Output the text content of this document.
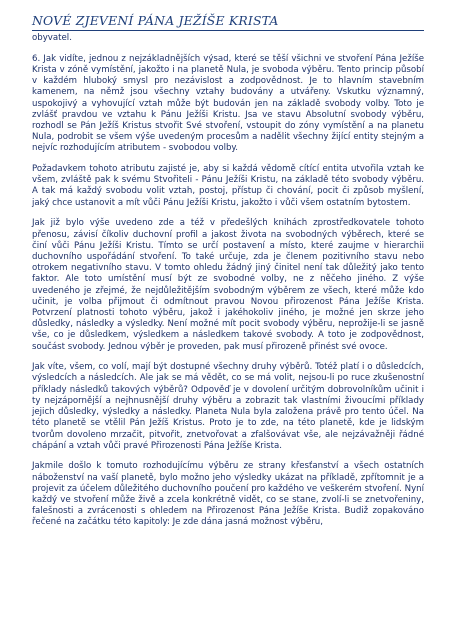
NOVÉ ZJEVENÍ PÁNA JEŽÍŠE KRISTA

obyvatel.

6. Jak vidíte, jednou z nejzákladnějších výsad, které se těší všichni ve stvoření Pána Ježíše Krista v zóně vymístění, jakožto i na planetě Nula, je svoboda výběru. Tento princip působí v každém hluboký smysl pro nezávislost a zodpovědnost. Je to hlavním stavebním kamenem, na němž jsou všechny vztahy budovány a utvářeny. Vskutku významný, uspokojivý a vyhovující vztah může být budován jen na základě svobody volby. Toto je zvlášť pravdou ve vztahu k Pánu Ježíši Kristu. Jsa ve stavu Absolutní svobody výběru, rozhodl se Pán Ježíš Kristus stvořit Své stvoření, vstoupit do zóny vymístění a na planetu Nula, podrobit se všem výše uvedeným procesům a nadělit všechny žijící entity stejným a nejvíc rozhodujícím atributem - svobodou volby.

Požadavkem tohoto atributu zajisté je, aby si každá vědomě cítící entita utvořila vztah ke všem, zvláště pak k svému Stvořiteli - Pánu Ježíši Kristu, na základě této svobody výběru. A tak má každý svobodu volit vztah, postoj, přístup či chování, pocit či způsob myšlení, jaký chce ustanovit a mít vůči Pánu Ježíši Kristu, jakožto i vůči všem ostatním bytostem.

Jak již bylo výše uvedeno zde a též v předešlých knihách zprostředkovatele tohoto přenosu, závisí číkoliv duchovní profil a jakost života na svobodných výběrech, které se činí vůči Pánu Ježíši Kristu. Tímto se určí postavení a místo, které zaujme v hierarchii duchovního uspořádání stvoření. To také určuje, zda je členem pozitivního stavu nebo otrokem negativního stavu. V tomto ohledu žádný jiný činitel není tak důležitý jako tento faktor. Ale toto umístění musí být ze svobodné volby, ne z něčeho jiného. Z výše uvedeného je zřejmé, že nejdůležitějším svobodným výběrem ze všech, které může kdo učinit, je volba přijmout či odmítnout pravou Novou přirozenost Pána Ježíše Krista. Potvrzení platnosti tohoto výběru, jakož i jakéhokoliv jiného, je možné jen skrze jeho důsledky, následky a výsledky. Není možné mít pocit svobody výběru, neprožije-li se jasně vše, co je důsledkem, výsledkem a následkem takové svobody. A toto je zodpovědnost, součást svobody. Jednou výběr je proveden, pak musí přirozeně přinést své ovoce.

Jak víte, všem, co volí, mají být dostupné všechny druhy výběrů. Totéž platí i o důsledcích, výsledcích a následcích. Ale jak se má vědět, co se má volit, nejsou-li po ruce zkušenostní příklady následků takových výběrů? Odpověď je v dovolení určitým dobrovolníkům učinit i ty nejzápornější a nejhnusnější druhy výběru a zobrazit tak vlastními živoucími příklady jejich důsledky, výsledky a následky. Planeta Nula byla založena právě pro tento účel. Na této planetě se vtělil Pán Ježíš Kristus. Proto je to zde, na této planetě, kde je lidským tvorům dovoleno mrzačit, pitvořit, znetvořovat a zfalšovávat vše, ale nejzávažněji řádné chápání a vztah vůči pravé Přirozenosti Pána Ježíše Krista.

Jakmile došlo k tomuto rozhodujícímu výběru ze strany křesťanství a všech ostatních náboženství na vaší planetě, bylo možno jeho výsledky ukázat na příkladě, zpřítomnit je a projevit za účelem důležitého duchovního poučení pro každého ve veškerém stvoření. Nyní každý ve stvoření může živě a zcela konkrétně vidět, co se stane, zvolí-li se znetvořeniny, falešnosti a zvrácenosti s ohledem na Přirozenost Pána Ježíše Krista. Budiž zopakováno řečené na začátku této kapitoly: Je zde dána jasná možnost výběru,
